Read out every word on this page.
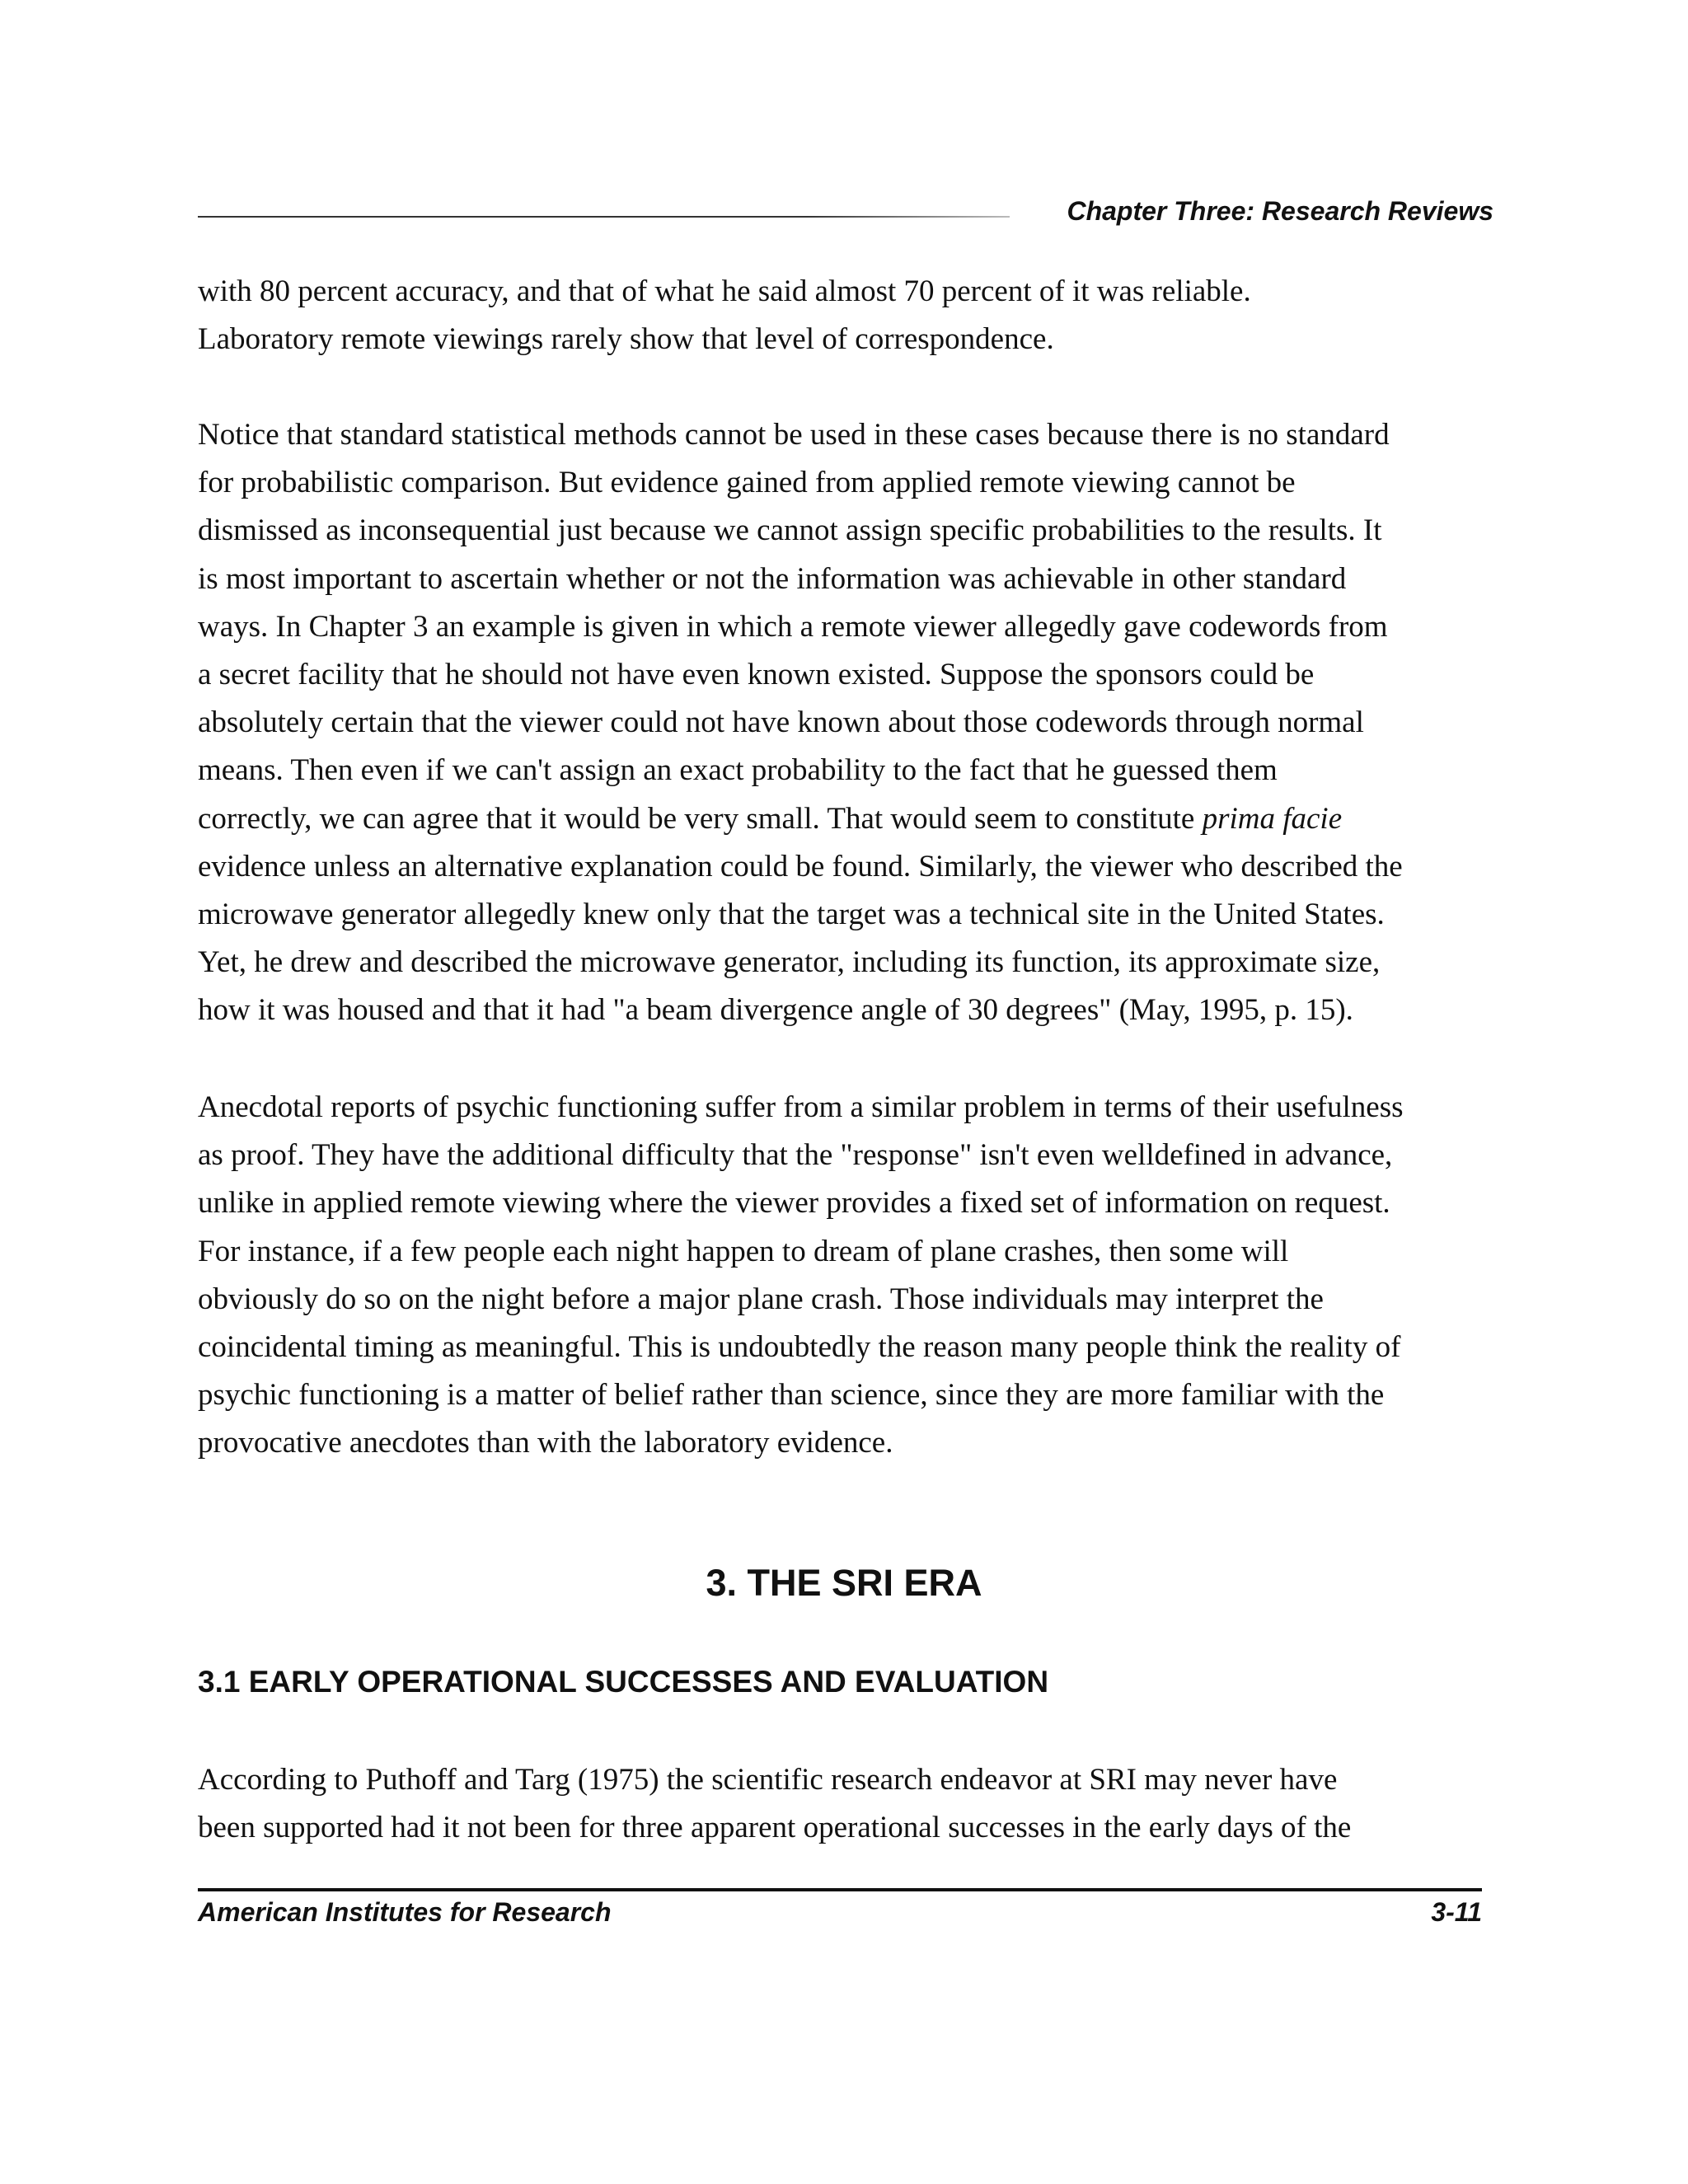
Chapter Three: Research Reviews

with 80 percent accuracy, and that of what he said almost 70 percent of it was reliable.
Laboratory remote viewings rarely show that level of correspondence.

Notice that standard statistical methods cannot be used in these cases because there is no standard
for probabilistic comparison. But evidence gained from applied remote viewing cannot be
dismissed as inconsequential just because we cannot assign specific probabilities to the results. It
is most important to ascertain whether or not the information was achievable in other standard
ways. In Chapter 3 an example is given in which a remote viewer allegedly gave codewords from
a secret facility that he should not have even known existed. Suppose the sponsors could be
absolutely certain that the viewer could not have known about those codewords through normal
means. Then even if we can't assign an exact probability to the fact that he guessed them
correctly, we can agree that it would be very small. That would seem to constitute prima facie
evidence unless an alternative explanation could be found. Similarly, the viewer who described the
microwave generator allegedly knew only that the target was a technical site in the United States.
Yet, he drew and described the microwave generator, including its function, its approximate size,
how it was housed and that it had "a beam divergence angle of 30 degrees" (May, 1995, p. 15).

Anecdotal reports of psychic functioning suffer from a similar problem in terms of their usefulness
as proof. They have the additional difficulty that the "response" isn't even welldefined in advance,
unlike in applied remote viewing where the viewer provides a fixed set of information on request.
For instance, if a few people each night happen to dream of plane crashes, then some will
obviously do so on the night before a major plane crash. Those individuals may interpret the
coincidental timing as meaningful. This is undoubtedly the reason many people think the reality of
psychic functioning is a matter of belief rather than science, since they are more familiar with the
provocative anecdotes than with the laboratory evidence.

3. THE SRI ERA
3.1 EARLY OPERATIONAL SUCCESSES AND EVALUATION

According to Puthoff and Targ (1975) the scientific research endeavor at SRI may never have
been supported had it not been for three apparent operational successes in the early days of the

American Institutes for Research	3-11
